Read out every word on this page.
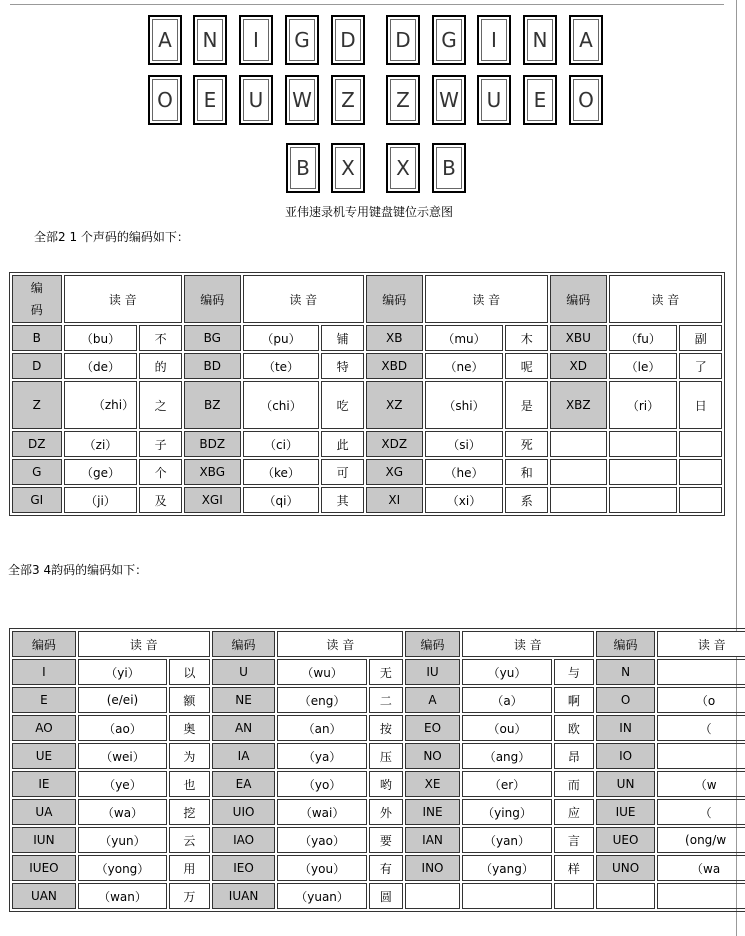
A	N	I	G	D	D	G	I	N	A
O	E	U	W	Z	Z	W	U	E	O
B	X	X	B
亚伟速录机专用键盘键位示意图
全部2 1 个声码的编码如下：
编
码	读 音		编码	读 音		编码	读 音		编码	读 音	
B	（bu）	不	BG	（pu）	铺	XB	（mu）	木	XBU	（fu）	副
D	（de）	的	BD	（te）	特	XBD	（ne）	呢	XD	（le）	了
Z	（zhi）	之	BZ	（chi）	吃	XZ	（shi）	是	XBZ	（ri）	日
DZ	（zi）	子	BDZ	（ci）	此	XDZ	（si）	死			
G	（ge）	个	XBG	（ke）	可	XG	（he）	和			
GI	（ji）	及	XGI	（qi）	其	XI	（xi）	系			
全部3 4韵码的编码如下：
编码	读 音		编码	读 音		编码	读 音		编码	读 音	
I	（yi）	以	U	（wu）	无	IU	（yu）	与	N		
E	(e/ei)	额	NE	（eng）	二	A	（a）	啊	O	（o	
AO	（ao）	奥	AN	（an）	按	EO	（ou）	欧	IN	（	
UE	（wei）	为	IA	（ya）	压	NO	（ang）	昂	IO		
IE	（ye）	也	EA	（yo）	哟	XE	（er）	而	UN	（w	
UA	（wa）	挖	UIO	（wai）	外	INE	（ying）	应	IUE	（	
IUN	（yun）	云	IAO	（yao）	要	IAN	（yan）	言	UEO	(ong/w	
IUEO	（yong）	用	IEO	（you）	有	INO	（yang）	样	UNO	（wa	
UAN	（wan）	万	IUAN	（yuan）	圆						
